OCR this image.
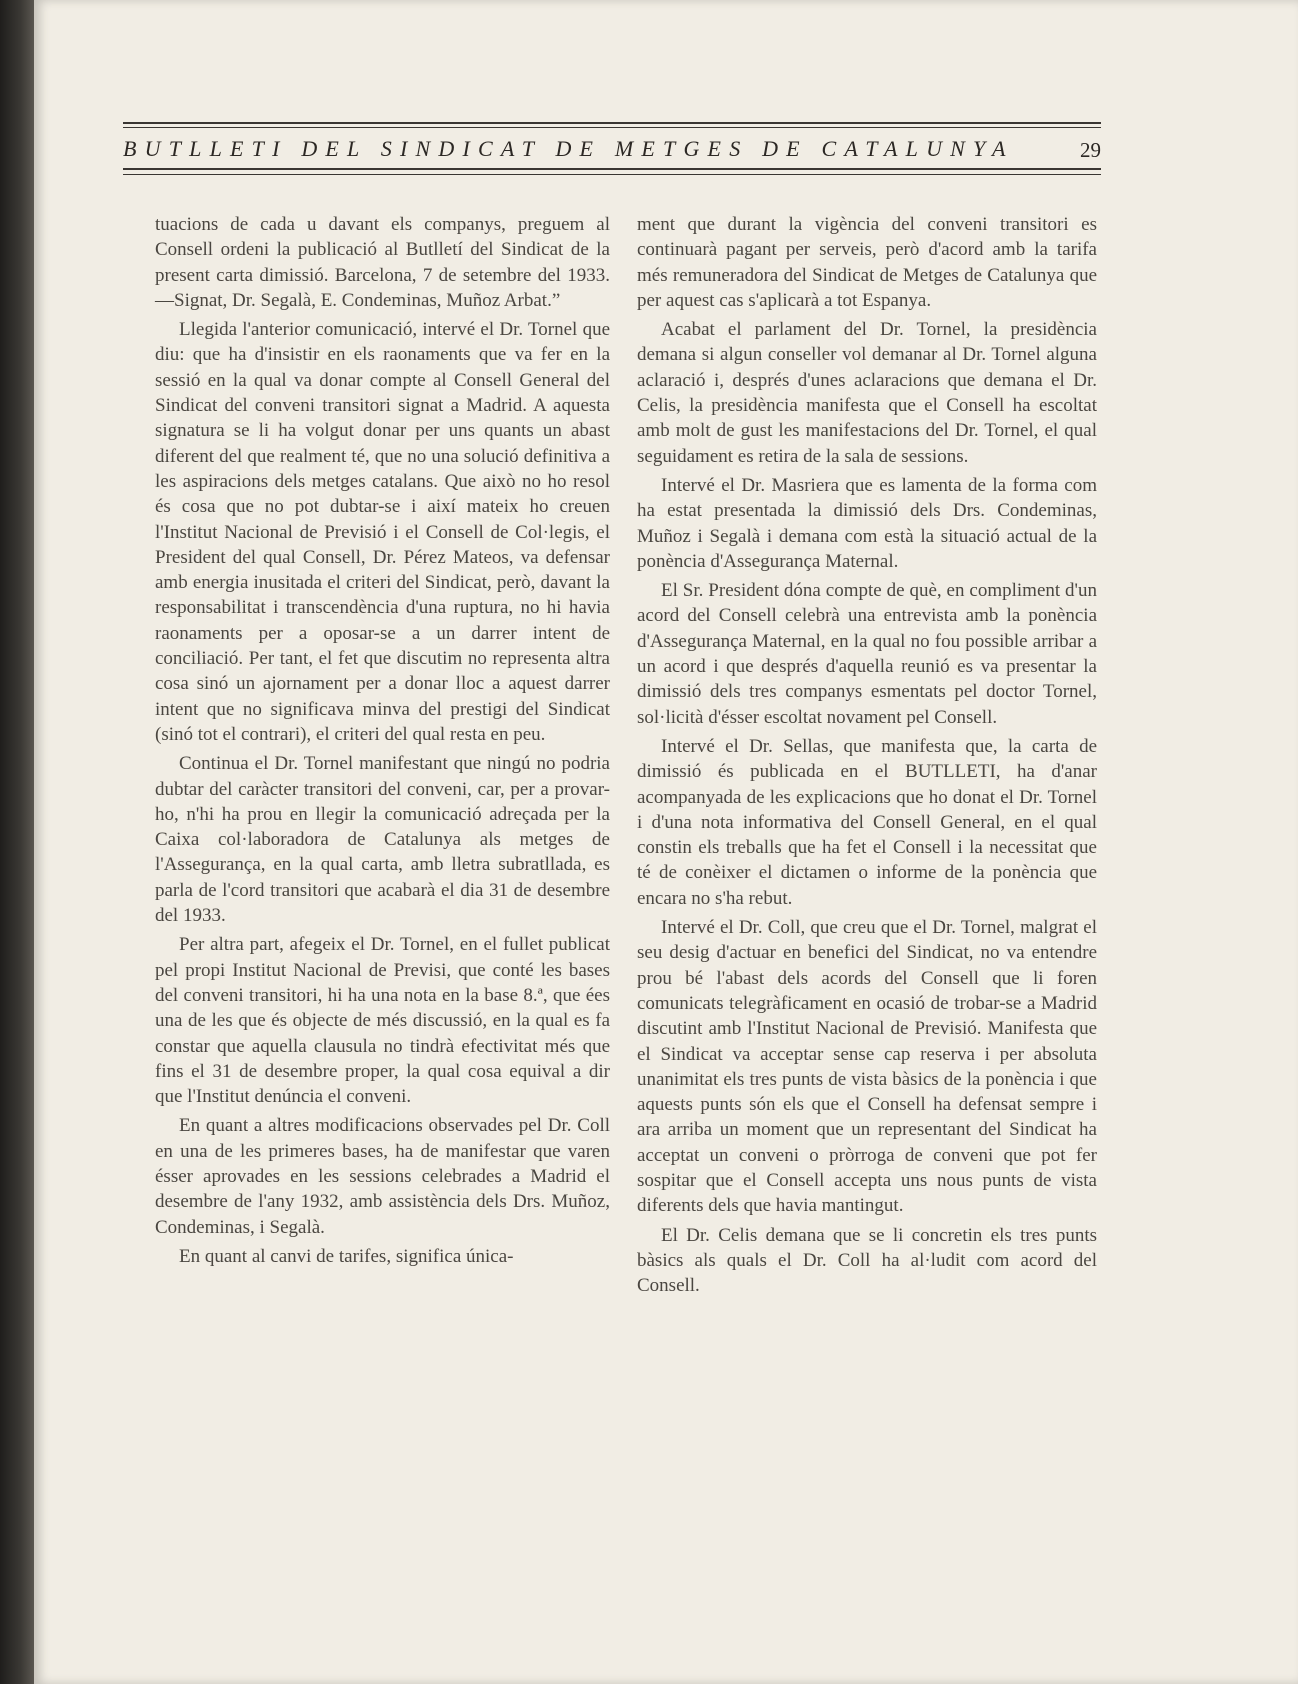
BUTLLETI DEL SINDICAT DE METGES DE CATALUNYA	29

tuacions de cada u davant els companys, preguem al Consell ordeni la publicació al Butlletí del Sindicat de la present carta dimissió. Barcelona, 7 de setembre del 1933.—Signat, Dr. Segalà, E. Condeminas, Muñoz Arbat.”

Llegida l'anterior comunicació, intervé el Dr. Tornel que diu: que ha d'insistir en els raonaments que va fer en la sessió en la qual va donar compte al Consell General del Sindicat del conveni transitori signat a Madrid. A aquesta signatura se li ha volgut donar per uns quants un abast diferent del que realment té, que no una solució definitiva a les aspiracions dels metges catalans. Que això no ho resol és cosa que no pot dubtar-se i així mateix ho creuen l'Institut Nacional de Previsió i el Consell de Col·legis, el President del qual Consell, Dr. Pérez Mateos, va defensar amb energia inusitada el criteri del Sindicat, però, davant la responsabilitat i transcendència d'una ruptura, no hi havia raonaments per a oposar-se a un darrer intent de conciliació. Per tant, el fet que discutim no representa altra cosa sinó un ajornament per a donar lloc a aquest darrer intent que no significava minva del prestigi del Sindicat (sinó tot el contrari), el criteri del qual resta en peu.

Continua el Dr. Tornel manifestant que ningú no podria dubtar del caràcter transitori del conveni, car, per a provar-ho, n'hi ha prou en llegir la comunicació adreçada per la Caixa col·laboradora de Catalunya als metges de l'Assegurança, en la qual carta, amb lletra subratllada, es parla de l'cord transitori que acabarà el dia 31 de desembre del 1933.

Per altra part, afegeix el Dr. Tornel, en el fullet publicat pel propi Institut Nacional de Previsi, que conté les bases del conveni transitori, hi ha una nota en la base 8.ª, que ées una de les que és objecte de més discussió, en la qual es fa constar que aquella clausula no tindrà efectivitat més que fins el 31 de desembre proper, la qual cosa equival a dir que l'Institut denúncia el conveni.

En quant a altres modificacions observades pel Dr. Coll en una de les primeres bases, ha de manifestar que varen ésser aprovades en les sessions celebrades a Madrid el desembre de l'any 1932, amb assistència dels Drs. Muñoz, Condeminas, i Segalà.

En quant al canvi de tarifes, significa única-

ment que durant la vigència del conveni transitori es continuarà pagant per serveis, però d'acord amb la tarifa més remuneradora del Sindicat de Metges de Catalunya que per aquest cas s'aplicarà a tot Espanya.

Acabat el parlament del Dr. Tornel, la presidència demana si algun conseller vol demanar al Dr. Tornel alguna aclaració i, després d'unes aclaracions que demana el Dr. Celis, la presidència manifesta que el Consell ha escoltat amb molt de gust les manifestacions del Dr. Tornel, el qual seguidament es retira de la sala de sessions.

Intervé el Dr. Masriera que es lamenta de la forma com ha estat presentada la dimissió dels Drs. Condeminas, Muñoz i Segalà i demana com està la situació actual de la ponència d'Assegurança Maternal.

El Sr. President dóna compte de què, en compliment d'un acord del Consell celebrà una entrevista amb la ponència d'Assegurança Maternal, en la qual no fou possible arribar a un acord i que després d'aquella reunió es va presentar la dimissió dels tres companys esmentats pel doctor Tornel, sol·licità d'ésser escoltat novament pel Consell.

Intervé el Dr. Sellas, que manifesta que, la carta de dimissió és publicada en el BUTLLETI, ha d'anar acompanyada de les explicacions que ho donat el Dr. Tornel i d'una nota informativa del Consell General, en el qual constin els treballs que ha fet el Consell i la necessitat que té de conèixer el dictamen o informe de la ponència que encara no s'ha rebut.

Intervé el Dr. Coll, que creu que el Dr. Tornel, malgrat el seu desig d'actuar en benefici del Sindicat, no va entendre prou bé l'abast dels acords del Consell que li foren comunicats telegràficament en ocasió de trobar-se a Madrid discutint amb l'Institut Nacional de Previsió. Manifesta que el Sindicat va acceptar sense cap reserva i per absoluta unanimitat els tres punts de vista bàsics de la ponència i que aquests punts són els que el Consell ha defensat sempre i ara arriba un moment que un representant del Sindicat ha acceptat un conveni o pròrroga de conveni que pot fer sospitar que el Consell accepta uns nous punts de vista diferents dels que havia mantingut.

El Dr. Celis demana que se li concretin els tres punts bàsics als quals el Dr. Coll ha al·ludit com acord del Consell.
